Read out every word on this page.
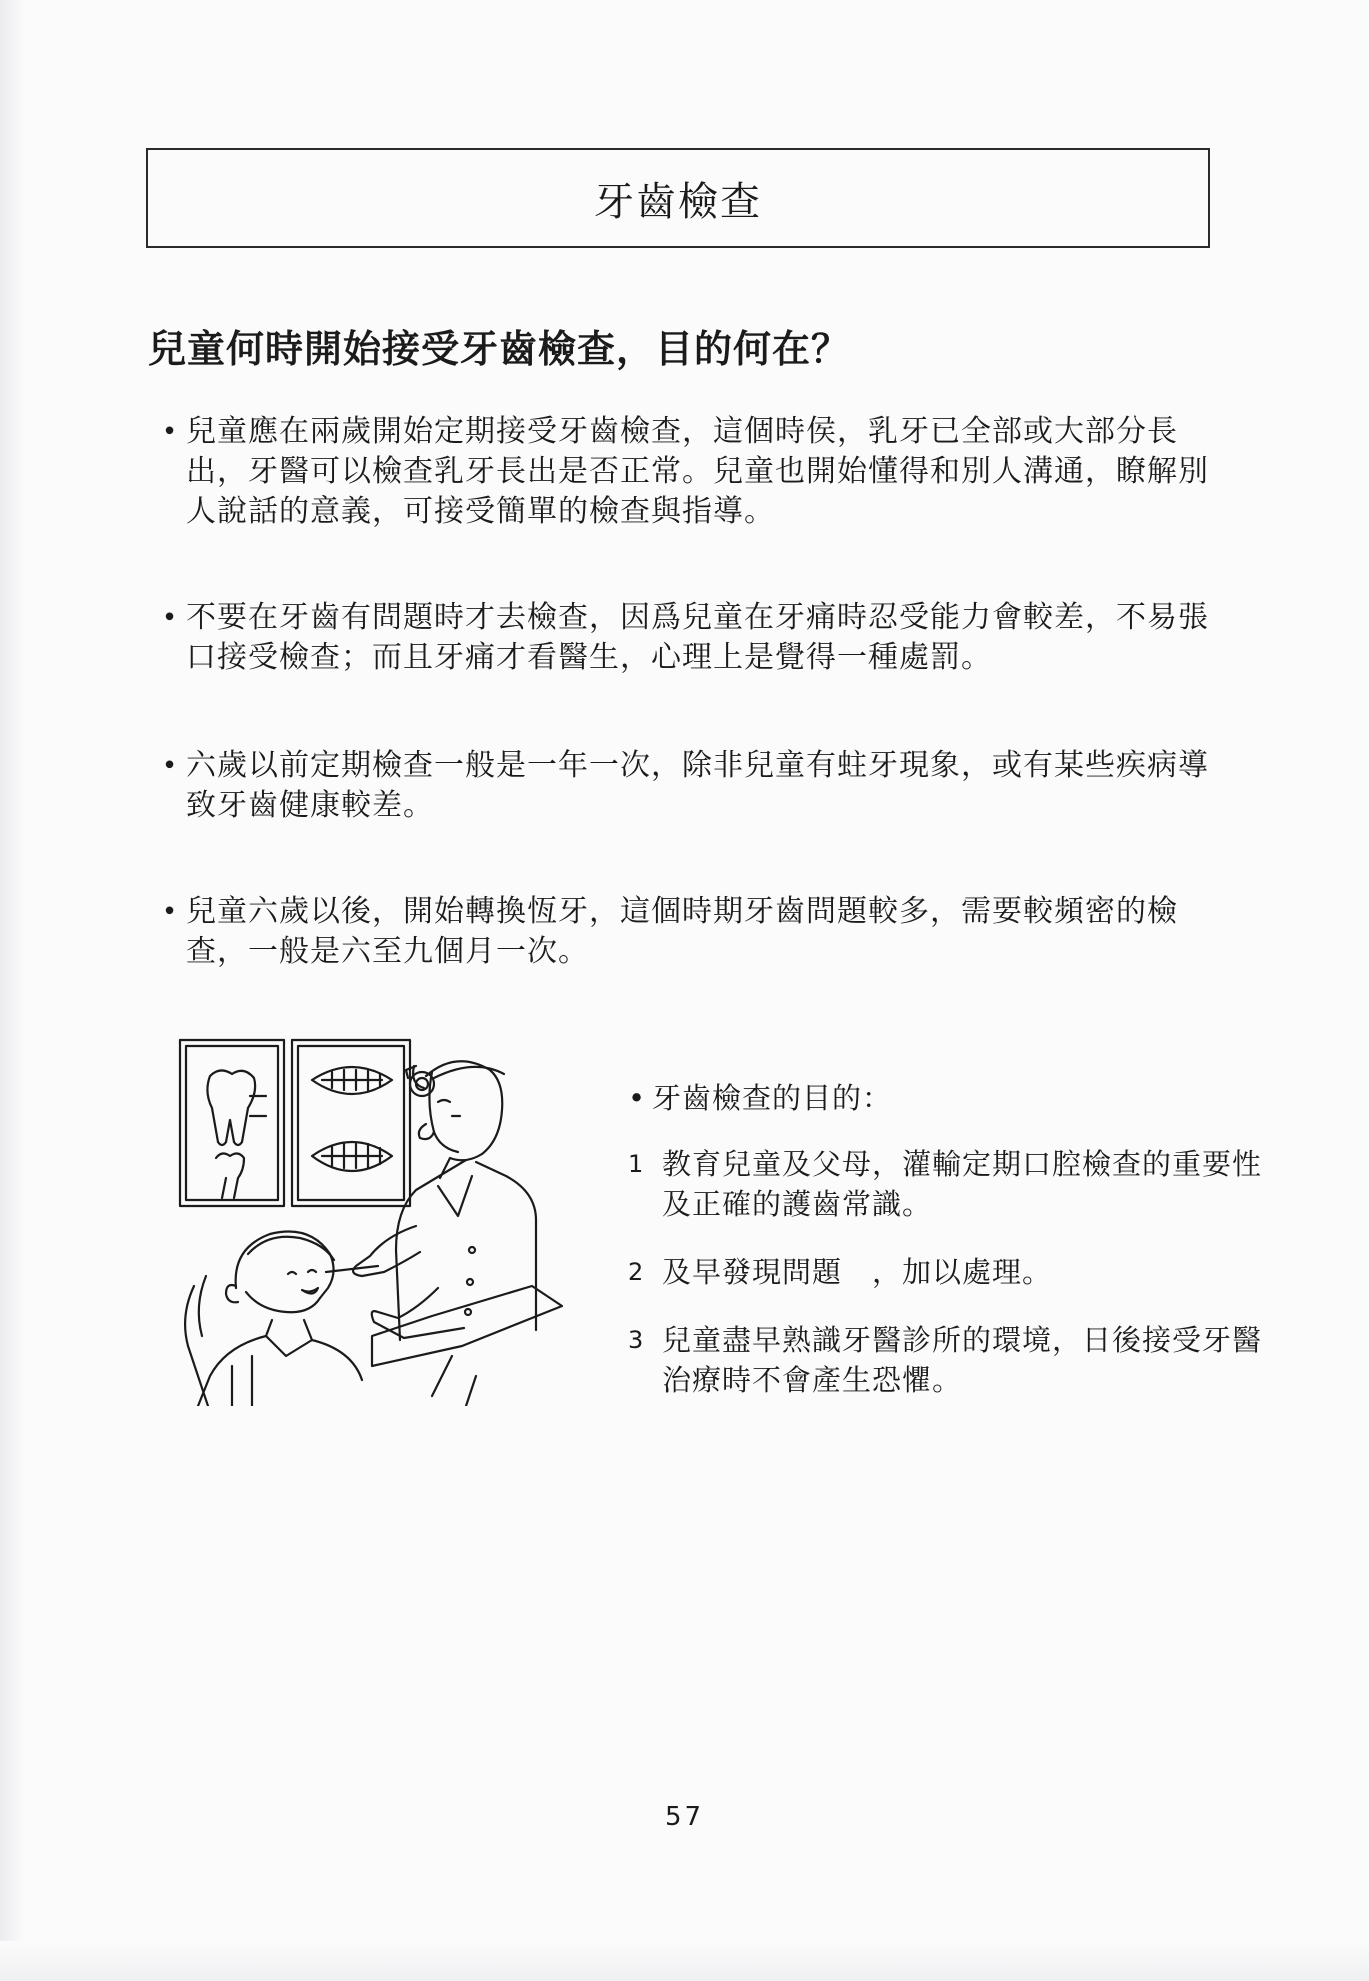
牙齒檢查
兒童何時開始接受牙齒檢查，目的何在？
• 兒童應在兩歲開始定期接受牙齒檢查，這個時侯，乳牙已全部或大部分長出，牙醫可以檢查乳牙長出是否正常。兒童也開始懂得和別人溝通，瞭解別人說話的意義，可接受簡單的檢查與指導。
• 不要在牙齒有問題時才去檢查，因爲兒童在牙痛時忍受能力會較差，不易張口接受檢查；而且牙痛才看醫生，心理上是覺得一種處罰。
• 六歲以前定期檢查一般是一年一次，除非兒童有蛀牙現象，或有某些疾病導致牙齒健康較差。
• 兒童六歲以後，開始轉換恆牙，這個時期牙齒問題較多，需要較頻密的檢查，一般是六至九個月一次。
• 牙齒檢查的目的：
1 教育兒童及父母，灌輸定期口腔檢查的重要性及正確的護齒常識。
2 及早發現問題　，加以處理。
3 兒童盡早熟識牙醫診所的環境，日後接受牙醫治療時不會產生恐懼。
57
